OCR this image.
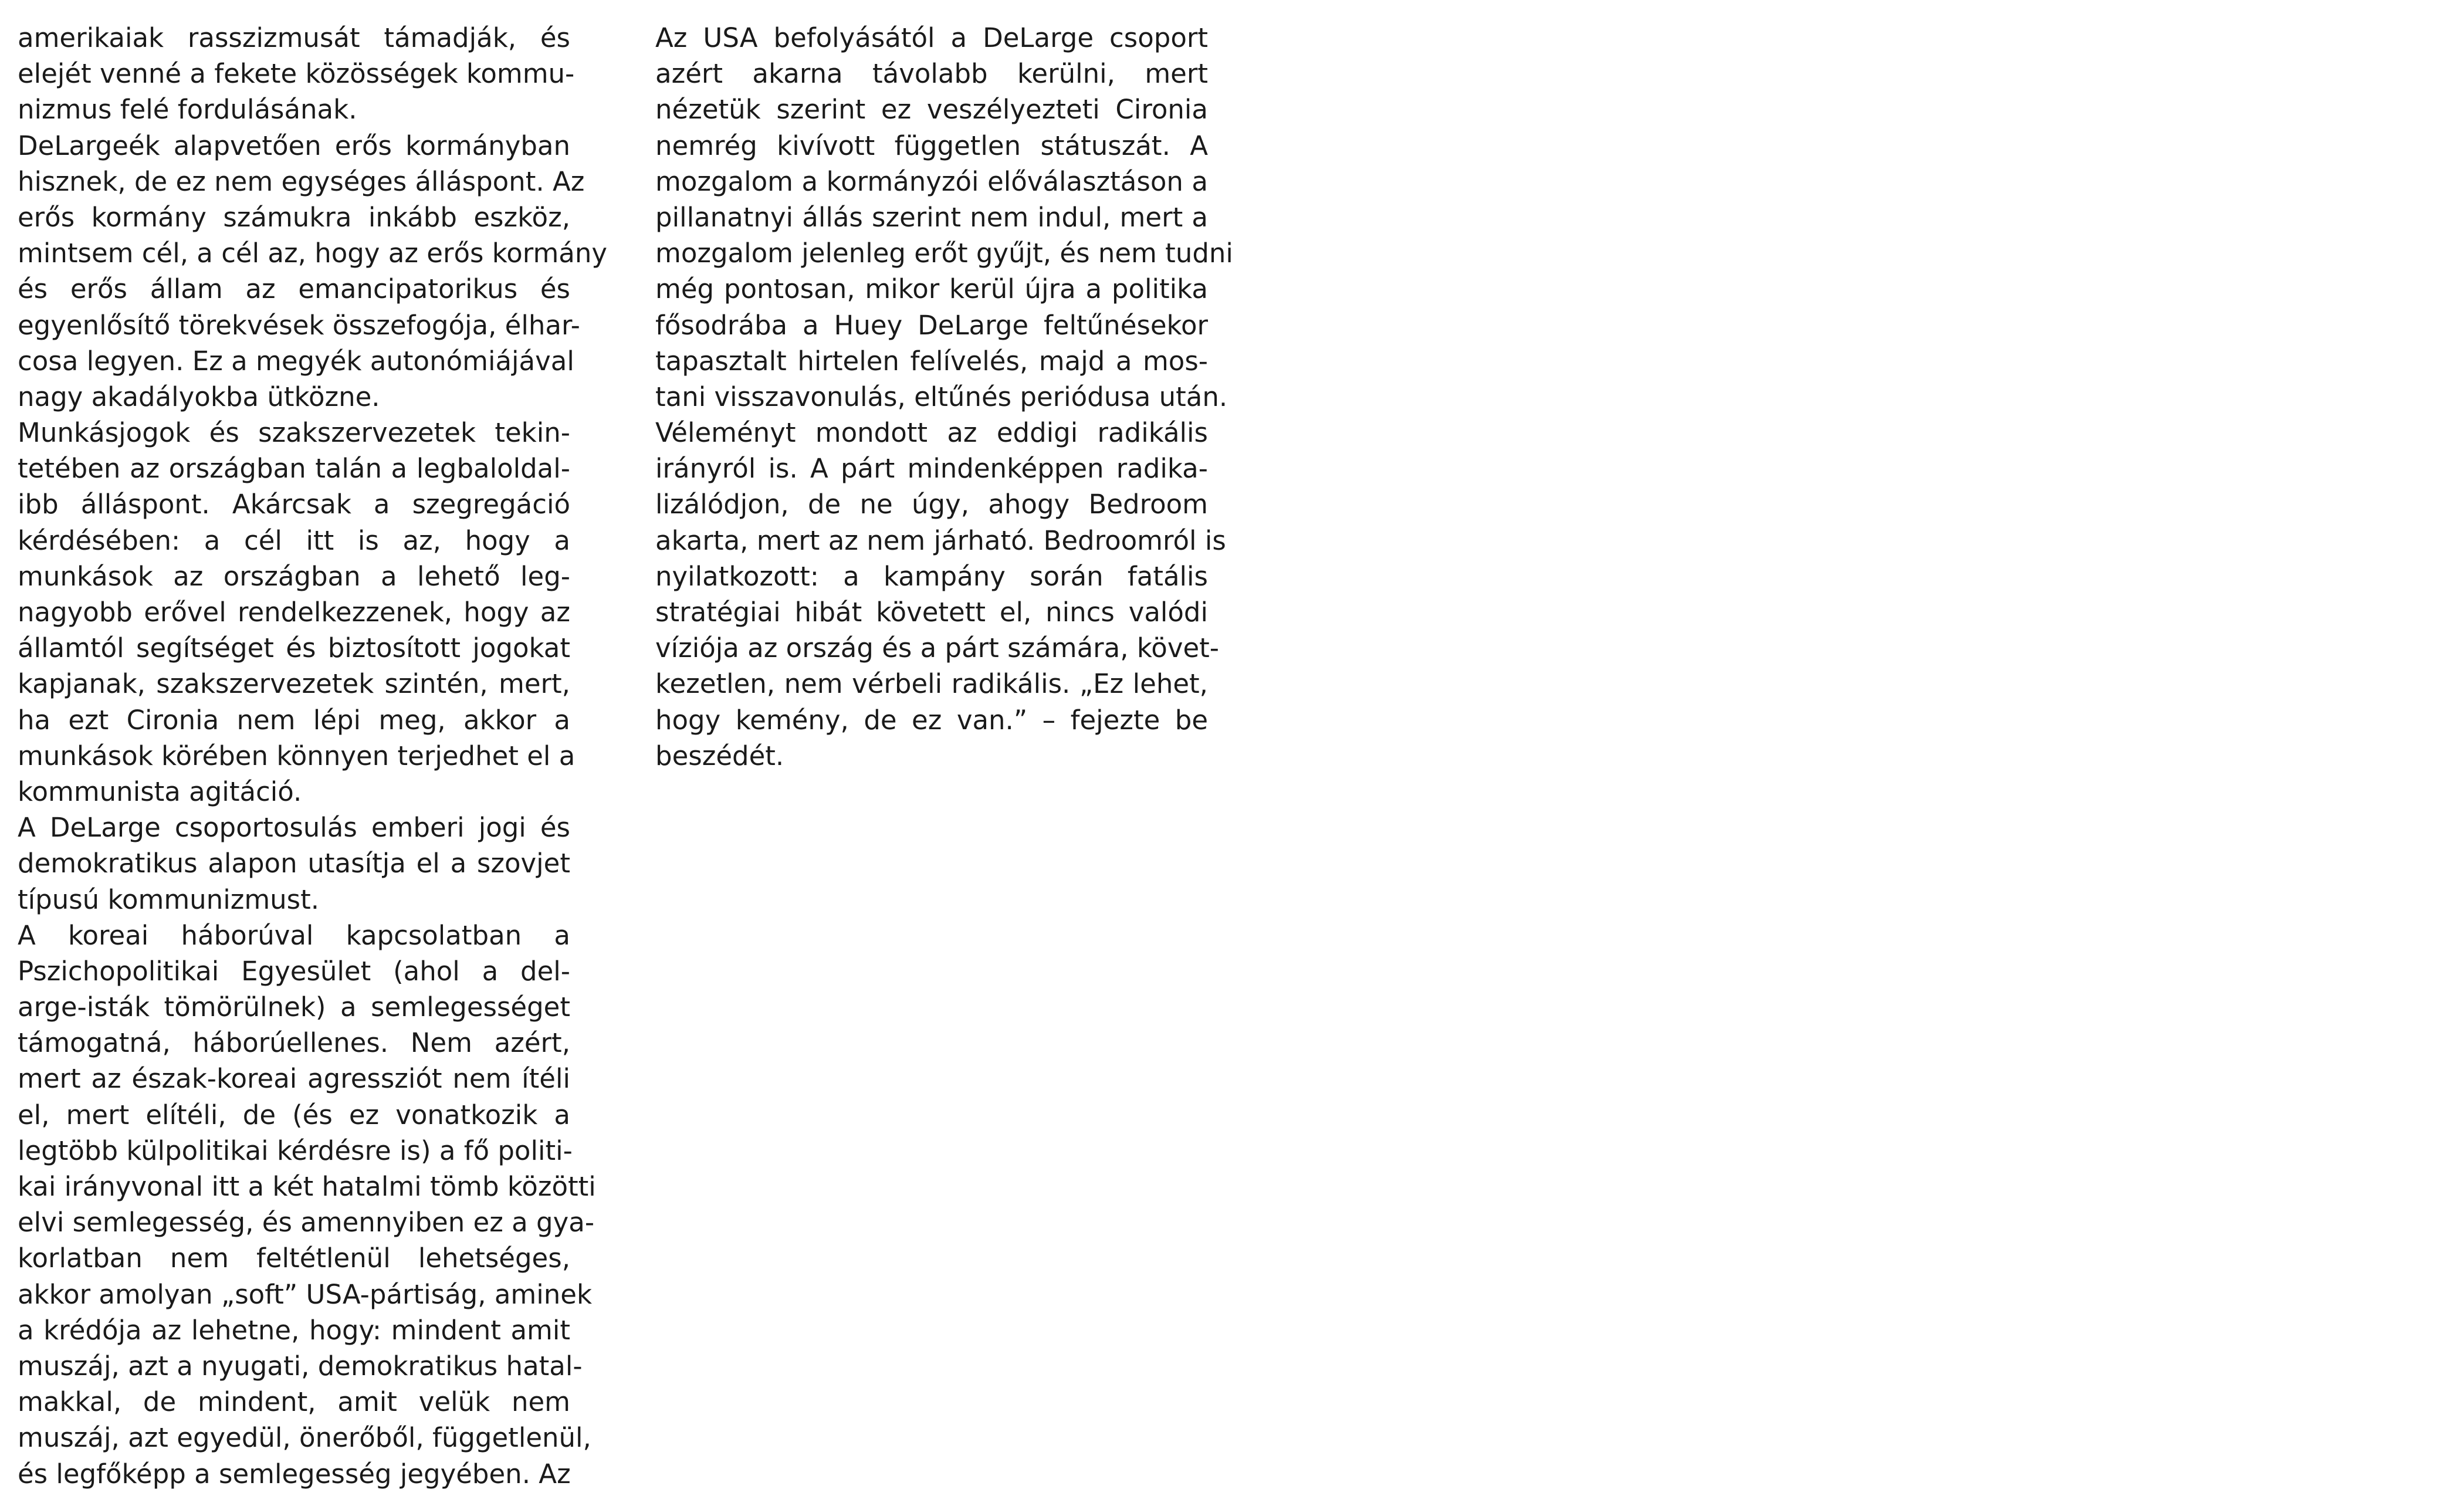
amerikaiak rasszizmusát támadják, és
elejét venné a fekete közösségek kommu-
nizmus felé fordulásának.
DeLargeék alapvetően erős kormányban
hisznek, de ez nem egységes álláspont. Az
erős kormány számukra inkább eszköz,
mintsem cél, a cél az, hogy az erős kormány
és erős állam az emancipatorikus és
egyenlősítő törekvések összefogója, élhar-
cosa legyen. Ez a megyék autonómiájával
nagy akadályokba ütközne.
Munkásjogok és szakszervezetek tekin-
tetében az országban talán a legbaloldal-
ibb álláspont. Akárcsak a szegregáció
kérdésében: a cél itt is az, hogy a
munkások az országban a lehető leg-
nagyobb erővel rendelkezzenek, hogy az
államtól segítséget és biztosított jogokat
kapjanak, szakszervezetek szintén, mert,
ha ezt Cironia nem lépi meg, akkor a
munkások körében könnyen terjedhet el a
kommunista agitáció.
A DeLarge csoportosulás emberi jogi és
demokratikus alapon utasítja el a szovjet
típusú kommunizmust.
A koreai háborúval kapcsolatban a
Pszichopolitikai Egyesület (ahol a del-
arge-isták tömörülnek) a semlegességet
támogatná, háborúellenes. Nem azért,
mert az észak-koreai agressziót nem ítéli
el, mert elítéli, de (és ez vonatkozik a
legtöbb külpolitikai kérdésre is) a fő politi-
kai irányvonal itt a két hatalmi tömb közötti
elvi semlegesség, és amennyiben ez a gya-
korlatban nem feltétlenül lehetséges,
akkor amolyan „soft” USA-pártiság, aminek
a krédója az lehetne, hogy: mindent amit
muszáj, azt a nyugati, demokratikus hatal-
makkal, de mindent, amit velük nem
muszáj, azt egyedül, önerőből, függetlenül,
és legfőképp a semlegesség jegyében. Az
Az USA befolyásától a DeLarge csoport
azért akarna távolabb kerülni, mert
nézetük szerint ez veszélyezteti Cironia
nemrég kivívott független státuszát. A
mozgalom a kormányzói előválasztáson a
pillanatnyi állás szerint nem indul, mert a
mozgalom jelenleg erőt gyűjt, és nem tudni
még pontosan, mikor kerül újra a politika
fősodrába a Huey DeLarge feltűnésekor
tapasztalt hirtelen felívelés, majd a mos-
tani visszavonulás, eltűnés periódusa után.
Véleményt mondott az eddigi radikális
irányról is. A párt mindenképpen radika-
lizálódjon, de ne úgy, ahogy Bedroom
akarta, mert az nem járható. Bedroomról is
nyilatkozott: a kampány során fatális
stratégiai hibát követett el, nincs valódi
víziója az ország és a párt számára, követ-
kezetlen, nem vérbeli radikális. „Ez lehet,
hogy kemény, de ez van.” – fejezte be
beszédét.
